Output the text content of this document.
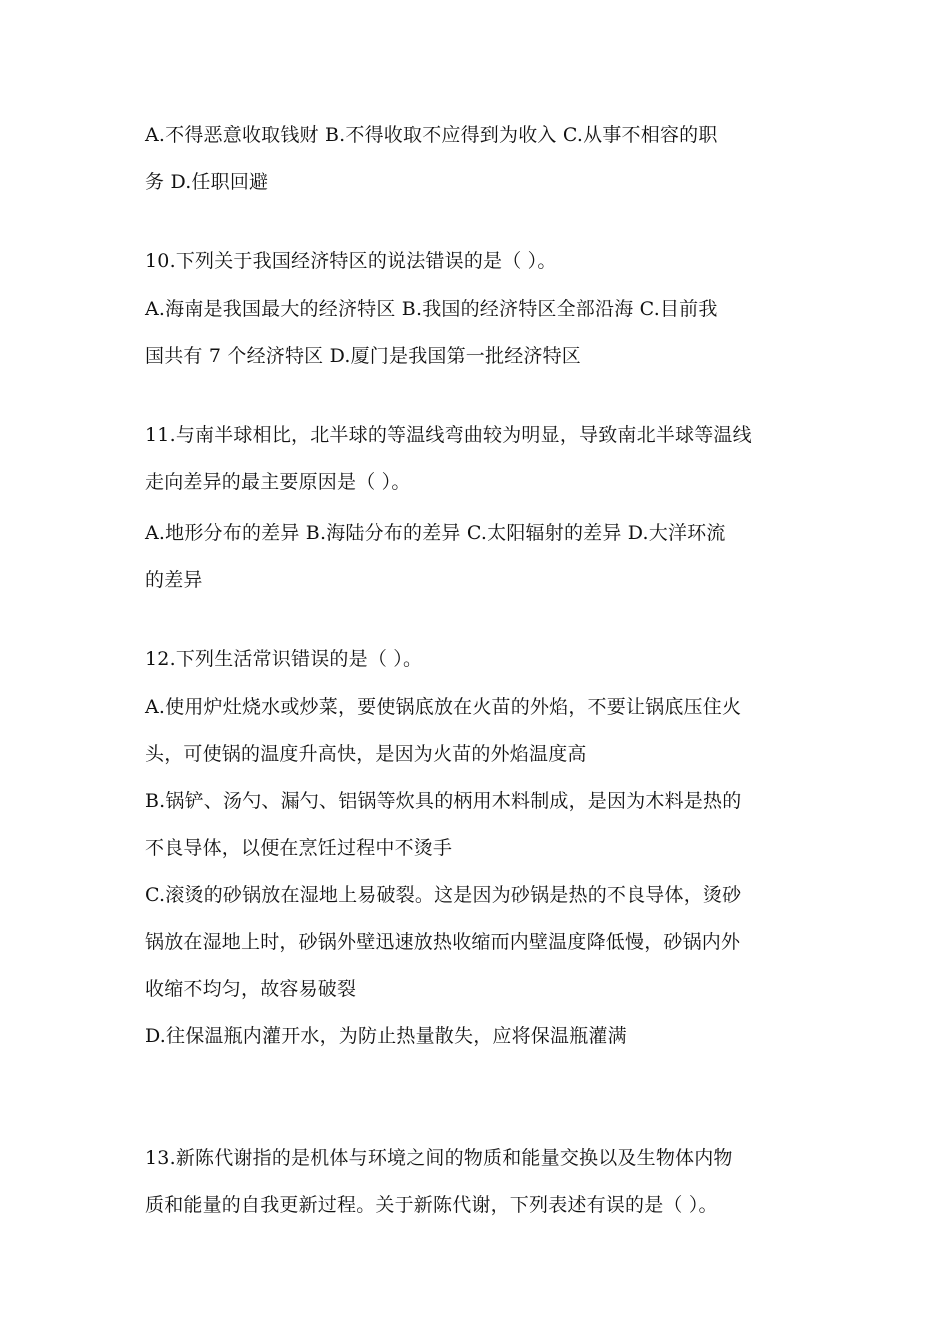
A.不得恶意收取钱财 B.不得收取不应得到为收入 C.从事不相容的职
务 D.任职回避
10.下列关于我国经济特区的说法错误的是（ ）。
A.海南是我国最大的经济特区 B.我国的经济特区全部沿海 C.目前我
国共有 7 个经济特区 D.厦门是我国第一批经济特区
11.与南半球相比，北半球的等温线弯曲较为明显，导致南北半球等温线
走向差异的最主要原因是（ ）。
A.地形分布的差异 B.海陆分布的差异 C.太阳辐射的差异 D.大洋环流
的差异
12.下列生活常识错误的是（ ）。
A.使用炉灶烧水或炒菜，要使锅底放在火苗的外焰，不要让锅底压住火
头，可使锅的温度升高快，是因为火苗的外焰温度高
B.锅铲、汤勺、漏勺、铝锅等炊具的柄用木料制成，是因为木料是热的
不良导体，以便在烹饪过程中不烫手
C.滚烫的砂锅放在湿地上易破裂。这是因为砂锅是热的不良导体，烫砂
锅放在湿地上时，砂锅外壁迅速放热收缩而内壁温度降低慢，砂锅内外
收缩不均匀，故容易破裂
D.往保温瓶内灌开水，为防止热量散失，应将保温瓶灌满
13.新陈代谢指的是机体与环境之间的物质和能量交换以及生物体内物
质和能量的自我更新过程。关于新陈代谢，下列表述有误的是（ ）。
